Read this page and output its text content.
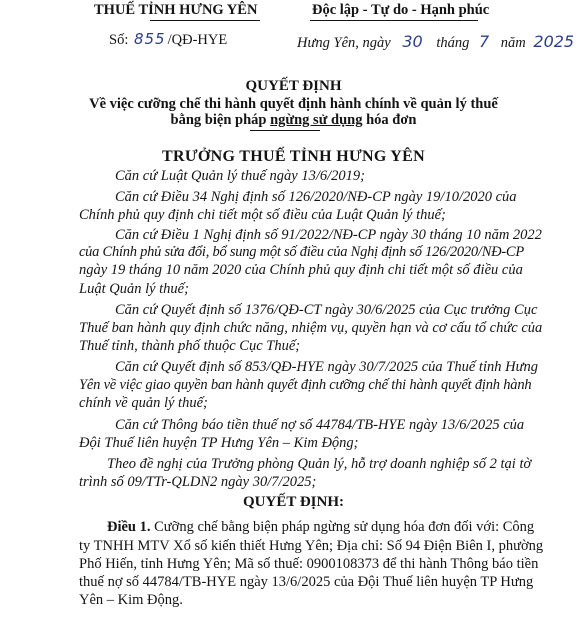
THUẾ TỈNH HƯNG YÊN	Độc lập - Tự do - Hạnh phúc
Số: 855 /QĐ-HYE	Hưng Yên, ngày 30 tháng 7 năm 2025
QUYẾT ĐỊNH
Về việc cưỡng chế thi hành quyết định hành chính về quản lý thuế
bằng biện pháp ngừng sử dụng hóa đơn
TRƯỞNG THUẾ TỈNH HƯNG YÊN
Căn cứ Luật Quản lý thuế ngày 13/6/2019;
Căn cứ Điều 34 Nghị định số 126/2020/NĐ-CP ngày 19/10/2020 của
Chính phủ quy định chi tiết một số điều của Luật Quản lý thuế;
Căn cứ Điều 1 Nghị định số 91/2022/NĐ-CP ngày 30 tháng 10 năm 2022
của Chính phủ sửa đổi, bổ sung một số điều của Nghị định số 126/2020/NĐ-CP
ngày 19 tháng 10 năm 2020 của Chính phủ quy định chi tiết một số điều của
Luật Quản lý thuế;
Căn cứ Quyết định số 1376/QĐ-CT ngày 30/6/2025 của Cục trưởng Cục
Thuế ban hành quy định chức năng, nhiệm vụ, quyền hạn và cơ cấu tổ chức của
Thuế tỉnh, thành phố thuộc Cục Thuế;
Căn cứ Quyết định số 853/QĐ-HYE ngày 30/7/2025 của Thuế tỉnh Hưng
Yên về việc giao quyền ban hành quyết định cưỡng chế thi hành quyết định hành
chính về quản lý thuế;
Căn cứ Thông báo tiền thuế nợ số 44784/TB-HYE ngày 13/6/2025 của
Đội Thuế liên huyện TP Hưng Yên – Kim Động;
Theo đề nghị của Trưởng phòng Quản lý, hỗ trợ doanh nghiệp số 2 tại tờ
trình số 09/TTr-QLDN2 ngày 30/7/2025;
QUYẾT ĐỊNH:
Điều 1. Cưỡng chế bằng biện pháp ngừng sử dụng hóa đơn đối với: Công
ty TNHH MTV Xổ số kiến thiết Hưng Yên; Địa chỉ: Số 94 Điện Biên I, phường
Phố Hiến, tỉnh Hưng Yên; Mã số thuế: 0900108373 để thi hành Thông báo tiền
thuế nợ số 44784/TB-HYE ngày 13/6/2025 của Đội Thuế liên huyện TP Hưng
Yên – Kim Động.
